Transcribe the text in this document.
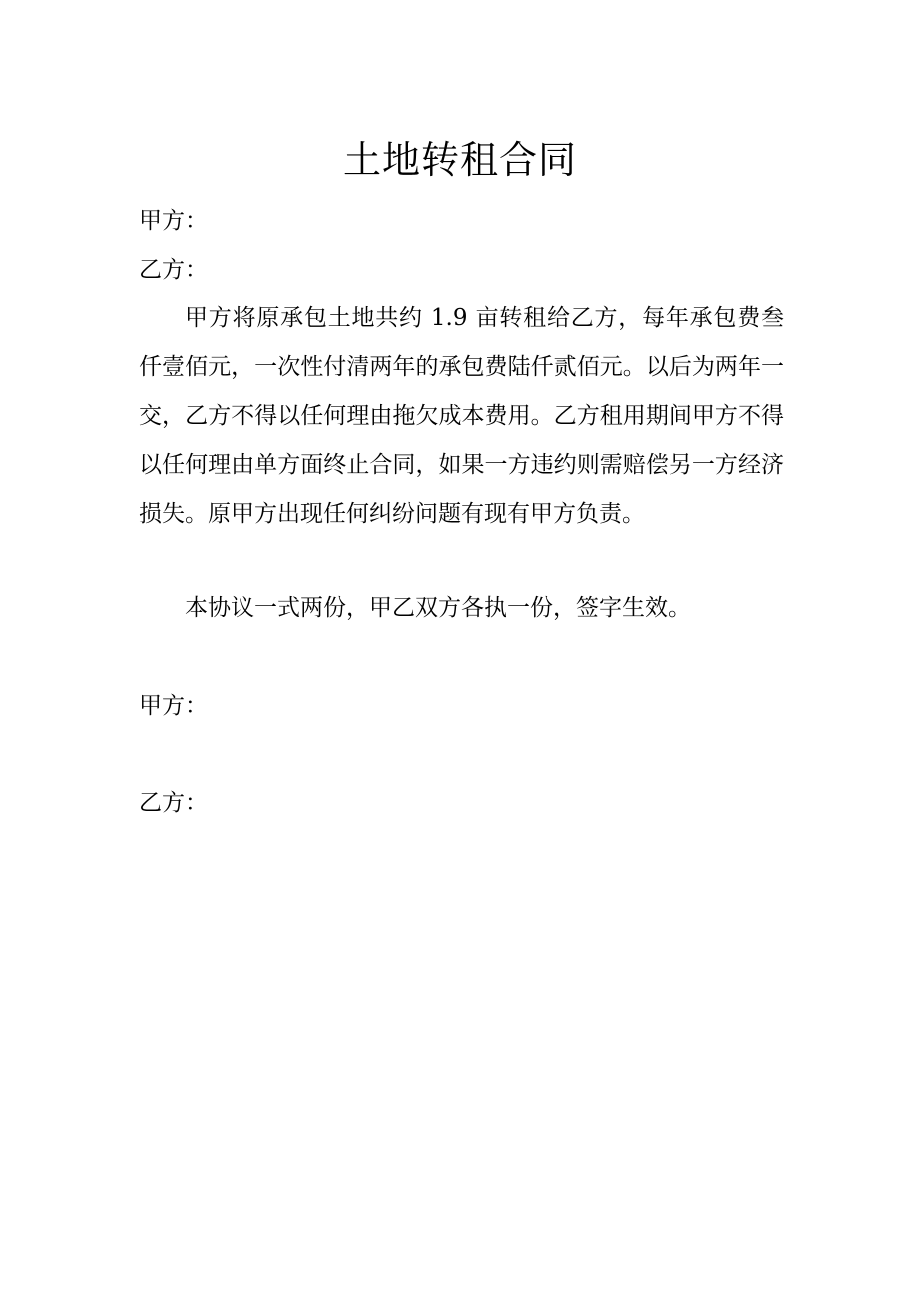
土地转租合同
甲方：
乙方：

甲方将原承包土地共约 1.9 亩转租给乙方，每年承包费叁仟壹佰元，一次性付清两年的承包费陆仟贰佰元。以后为两年一交，乙方不得以任何理由拖欠成本费用。乙方租用期间甲方不得以任何理由单方面终止合同，如果一方违约则需赔偿另一方经济损失。原甲方出现任何纠纷问题有现有甲方负责。

本协议一式两份，甲乙双方各执一份，签字生效。

甲方：
乙方：
